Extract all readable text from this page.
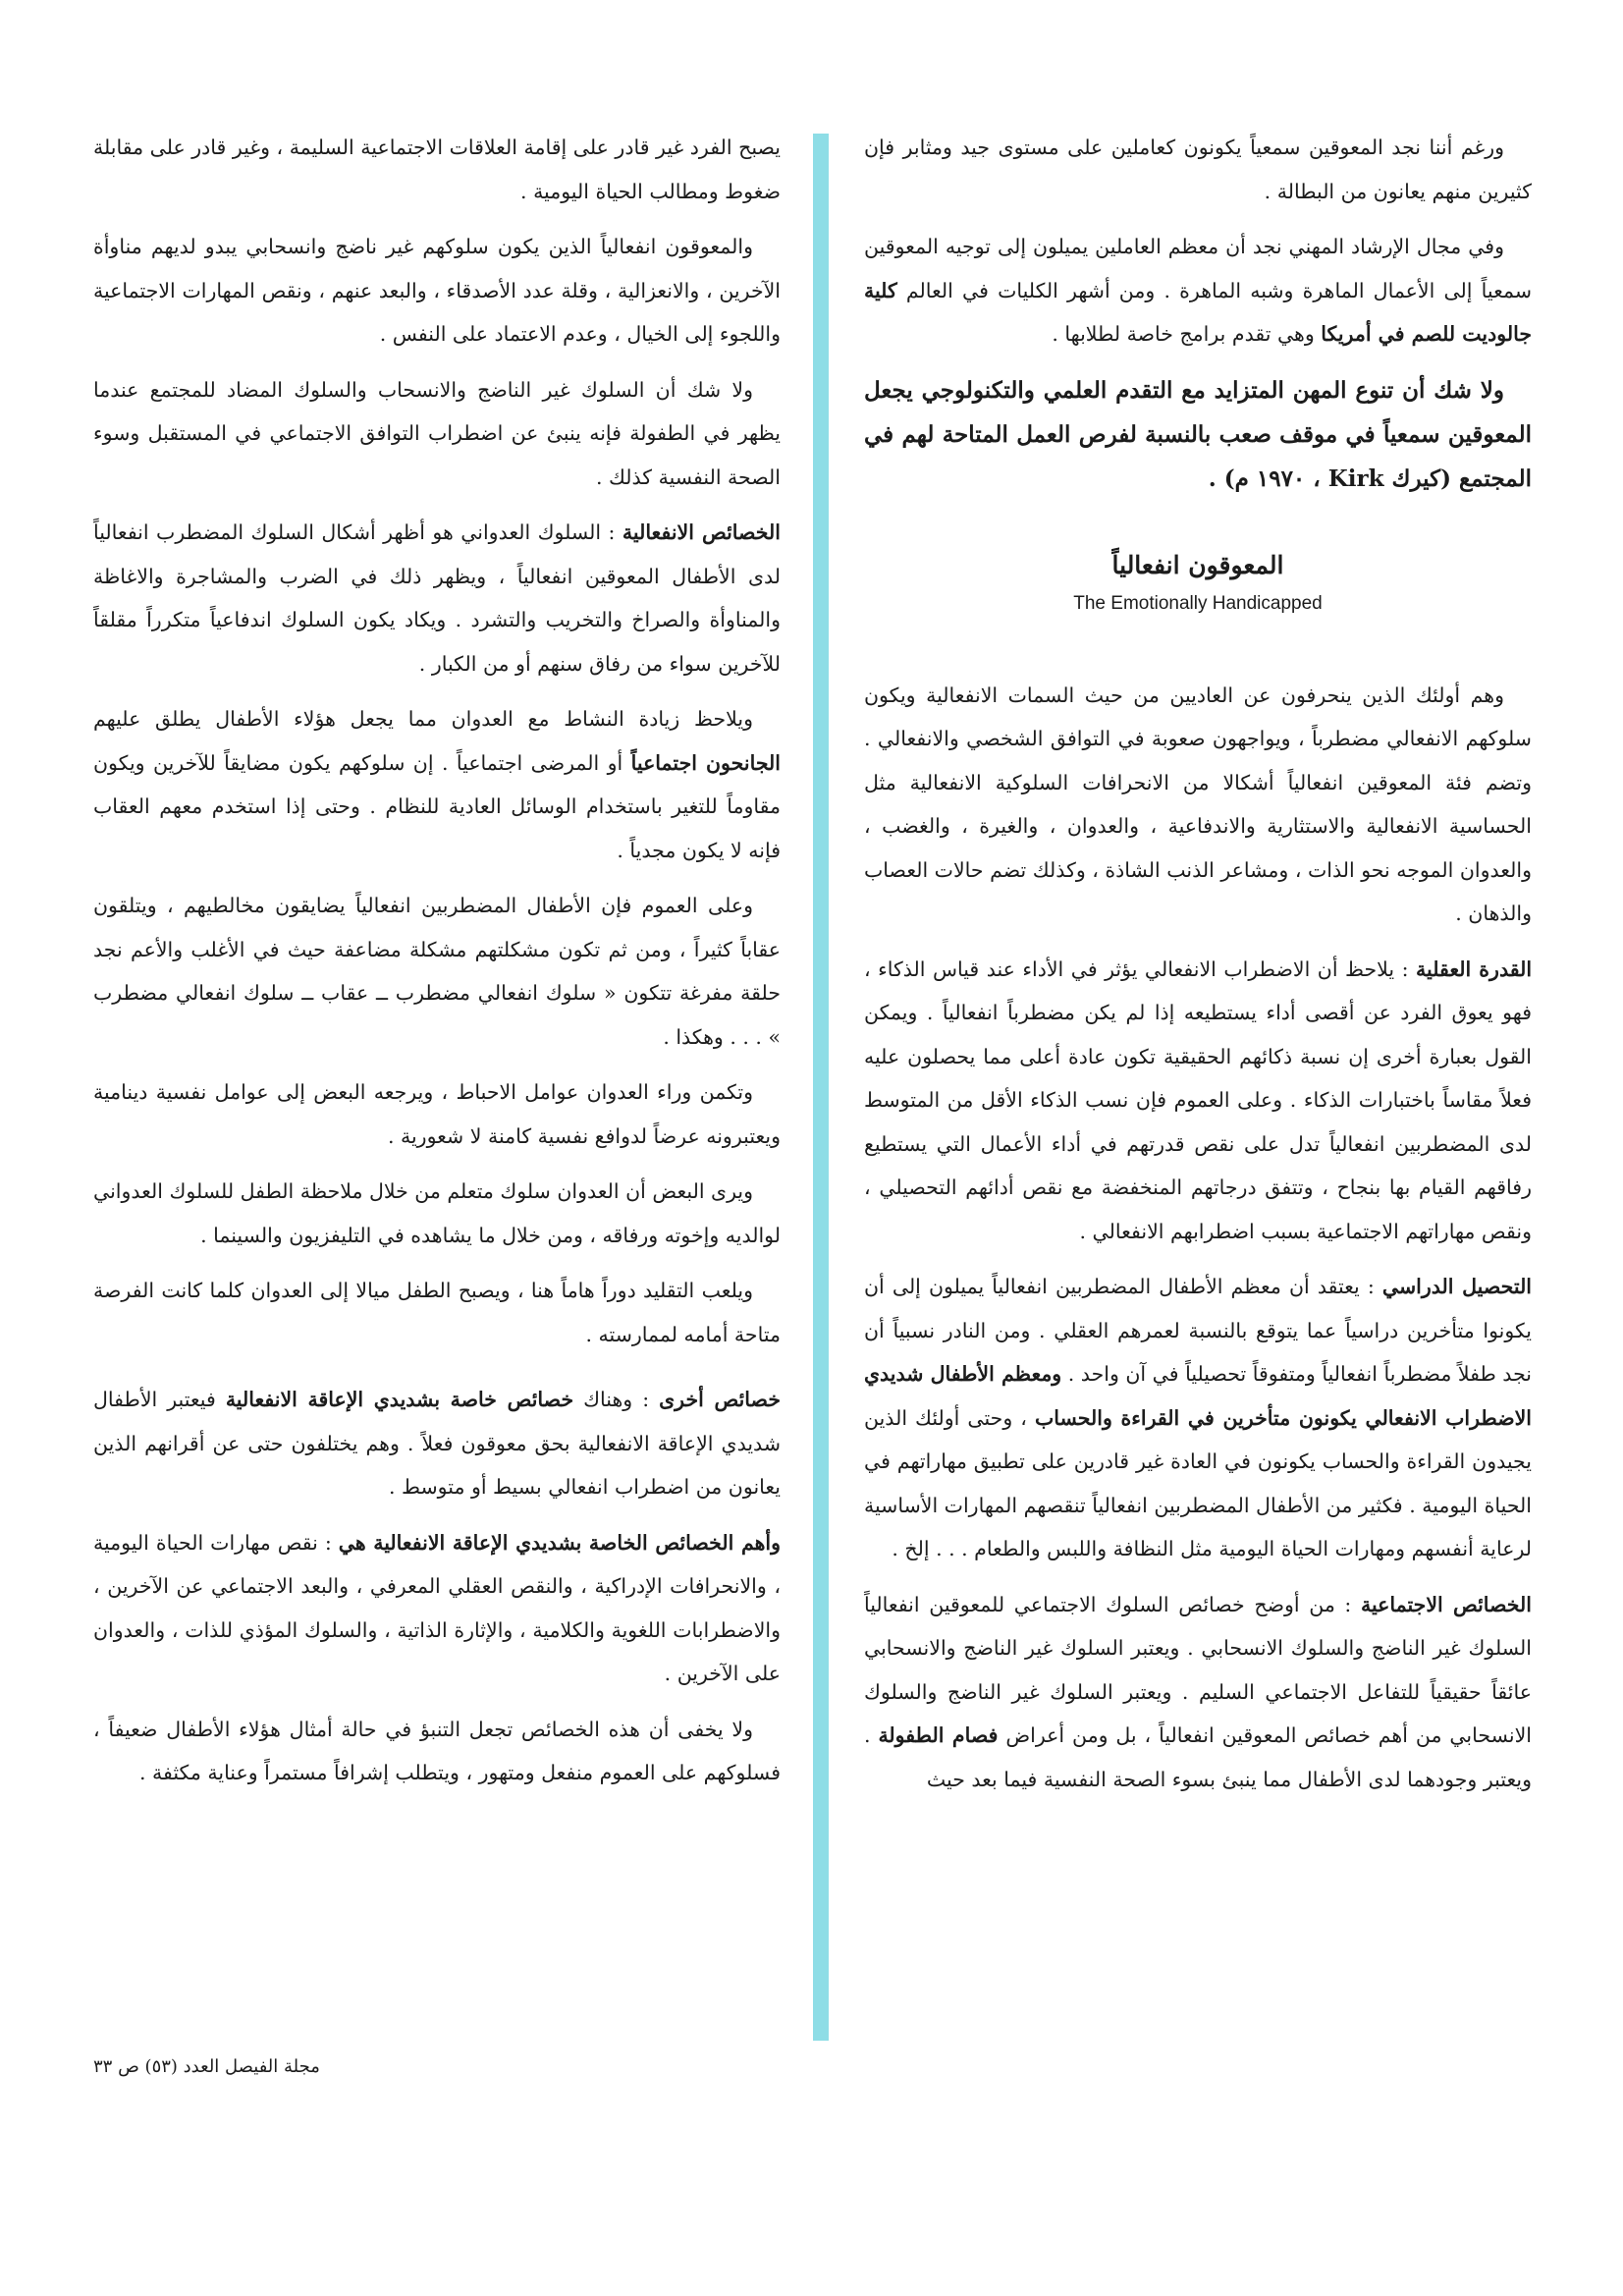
ورغم أننا نجد المعوقين سمعياً يكونون كعاملين على مستوى جيد ومثابر فإن كثيرين منهم يعانون من البطالة .

وفي مجال الإرشاد المهني نجد أن معظم العاملين يميلون إلى توجيه المعوقين سمعياً إلى الأعمال الماهرة وشبه الماهرة . ومن أشهر الكليات في العالم كلية جالوديت للصم في أمريكا وهي تقدم برامج خاصة لطلابها .

ولا شك أن تنوع المهن المتزايد مع التقدم العلمي والتكنولوجي يجعل المعوقين سمعياً في موقف صعب بالنسبة لفرص العمل المتاحة لهم في المجتمع (كيرك Kirk ، ١٩٧٠ م) .

المعوقون انفعالياً
The Emotionally Handicapped

وهم أولئك الذين ينحرفون عن العاديين من حيث السمات الانفعالية ويكون سلوكهم الانفعالي مضطرباً ، ويواجهون صعوبة في التوافق الشخصي والانفعالي . وتضم فئة المعوقين انفعالياً أشكالا من الانحرافات السلوكية الانفعالية مثل الحساسية الانفعالية والاستثارية والاندفاعية ، والعدوان ، والغيرة ، والغضب ، والعدوان الموجه نحو الذات ، ومشاعر الذنب الشاذة ، وكذلك تضم حالات العصاب والذهان .

القدرة العقلية : يلاحظ أن الاضطراب الانفعالي يؤثر في الأداء عند قياس الذكاء ، فهو يعوق الفرد عن أقصى أداء يستطيعه إذا لم يكن مضطرباً انفعالياً . ويمكن القول بعبارة أخرى إن نسبة ذكائهم الحقيقية تكون عادة أعلى مما يحصلون عليه فعلاً مقاساً باختبارات الذكاء . وعلى العموم فإن نسب الذكاء الأقل من المتوسط لدى المضطربين انفعالياً تدل على نقص قدرتهم في أداء الأعمال التي يستطيع رفاقهم القيام بها بنجاح ، وتتفق درجاتهم المنخفضة مع نقص أدائهم التحصيلي ، ونقص مهاراتهم الاجتماعية بسبب اضطرابهم الانفعالي .

التحصيل الدراسي : يعتقد أن معظم الأطفال المضطربين انفعالياً يميلون إلى أن يكونوا متأخرين دراسياً عما يتوقع بالنسبة لعمرهم العقلي . ومن النادر نسبياً أن نجد طفلاً مضطرباً انفعالياً ومتفوقاً تحصيلياً في آن واحد . ومعظم الأطفال شديدي الاضطراب الانفعالي يكونون متأخرين في القراءة والحساب ، وحتى أولئك الذين يجيدون القراءة والحساب يكونون في العادة غير قادرين على تطبيق مهاراتهم في الحياة اليومية . فكثير من الأطفال المضطربين انفعالياً تنقصهم المهارات الأساسية لرعاية أنفسهم ومهارات الحياة اليومية مثل النظافة واللبس والطعام . . . إلخ .

الخصائص الاجتماعية : من أوضح خصائص السلوك الاجتماعي للمعوقين انفعالياً السلوك غير الناضج والسلوك الانسحابي . ويعتبر السلوك غير الناضج والانسحابي عائقاً حقيقياً للتفاعل الاجتماعي السليم . ويعتبر السلوك غير الناضج والسلوك الانسحابي من أهم خصائص المعوقين انفعالياً ، بل ومن أعراض فصام الطفولة . ويعتبر وجودهما لدى الأطفال مما ينبئ بسوء الصحة النفسية فيما بعد حيث

يصبح الفرد غير قادر على إقامة العلاقات الاجتماعية السليمة ، وغير قادر على مقابلة ضغوط ومطالب الحياة اليومية .

والمعوقون انفعالياً الذين يكون سلوكهم غير ناضج وانسحابي يبدو لديهم مناوأة الآخرين ، والانعزالية ، وقلة عدد الأصدقاء ، والبعد عنهم ، ونقص المهارات الاجتماعية واللجوء إلى الخيال ، وعدم الاعتماد على النفس .

ولا شك أن السلوك غير الناضج والانسحاب والسلوك المضاد للمجتمع عندما يظهر في الطفولة فإنه ينبئ عن اضطراب التوافق الاجتماعي في المستقبل وسوء الصحة النفسية كذلك .

الخصائص الانفعالية : السلوك العدواني هو أظهر أشكال السلوك المضطرب انفعالياً لدى الأطفال المعوقين انفعالياً ، ويظهر ذلك في الضرب والمشاجرة والاغاظة والمناوأة والصراخ والتخريب والتشرد . ويكاد يكون السلوك اندفاعياً متكرراً مقلقاً للآخرين سواء من رفاق سنهم أو من الكبار .

ويلاحظ زيادة النشاط مع العدوان مما يجعل هؤلاء الأطفال يطلق عليهم الجانحون اجتماعياً أو المرضى اجتماعياً . إن سلوكهم يكون مضايقاً للآخرين ويكون مقاوماً للتغير باستخدام الوسائل العادية للنظام . وحتى إذا استخدم معهم العقاب فإنه لا يكون مجدياً .

وعلى العموم فإن الأطفال المضطربين انفعالياً يضايقون مخالطيهم ، ويتلقون عقاباً كثيراً ، ومن ثم تكون مشكلتهم مشكلة مضاعفة حيث في الأغلب والأعم نجد حلقة مفرغة تتكون « سلوك انفعالي مضطرب ــ عقاب ــ سلوك انفعالي مضطرب » . . . وهكذا .

وتكمن وراء العدوان عوامل الاحباط ، ويرجعه البعض إلى عوامل نفسية دينامية ويعتبرونه عرضاً لدوافع نفسية كامنة لا شعورية .

ويرى البعض أن العدوان سلوك متعلم من خلال ملاحظة الطفل للسلوك العدواني لوالديه وإخوته ورفاقه ، ومن خلال ما يشاهده في التليفزيون والسينما .

ويلعب التقليد دوراً هاماً هنا ، ويصبح الطفل ميالا إلى العدوان كلما كانت الفرصة متاحة أمامه لممارسته .

خصائص أخرى : وهناك خصائص خاصة بشديدي الإعاقة الانفعالية فيعتبر الأطفال شديدي الإعاقة الانفعالية بحق معوقون فعلاً . وهم يختلفون حتى عن أقرانهم الذين يعانون من اضطراب انفعالي بسيط أو متوسط .

وأهم الخصائص الخاصة بشديدي الإعاقة الانفعالية هي : نقص مهارات الحياة اليومية ، والانحرافات الإدراكية ، والنقص العقلي المعرفي ، والبعد الاجتماعي عن الآخرين ، والاضطرابات اللغوية والكلامية ، والإثارة الذاتية ، والسلوك المؤذي للذات ، والعدوان على الآخرين .

ولا يخفى أن هذه الخصائص تجعل التنبؤ في حالة أمثال هؤلاء الأطفال ضعيفاً ، فسلوكهم على العموم منفعل ومتهور ، ويتطلب إشرافاً مستمراً وعناية مكثفة .

مجلة الفيصل العدد (٥٣) ص ٣٣
